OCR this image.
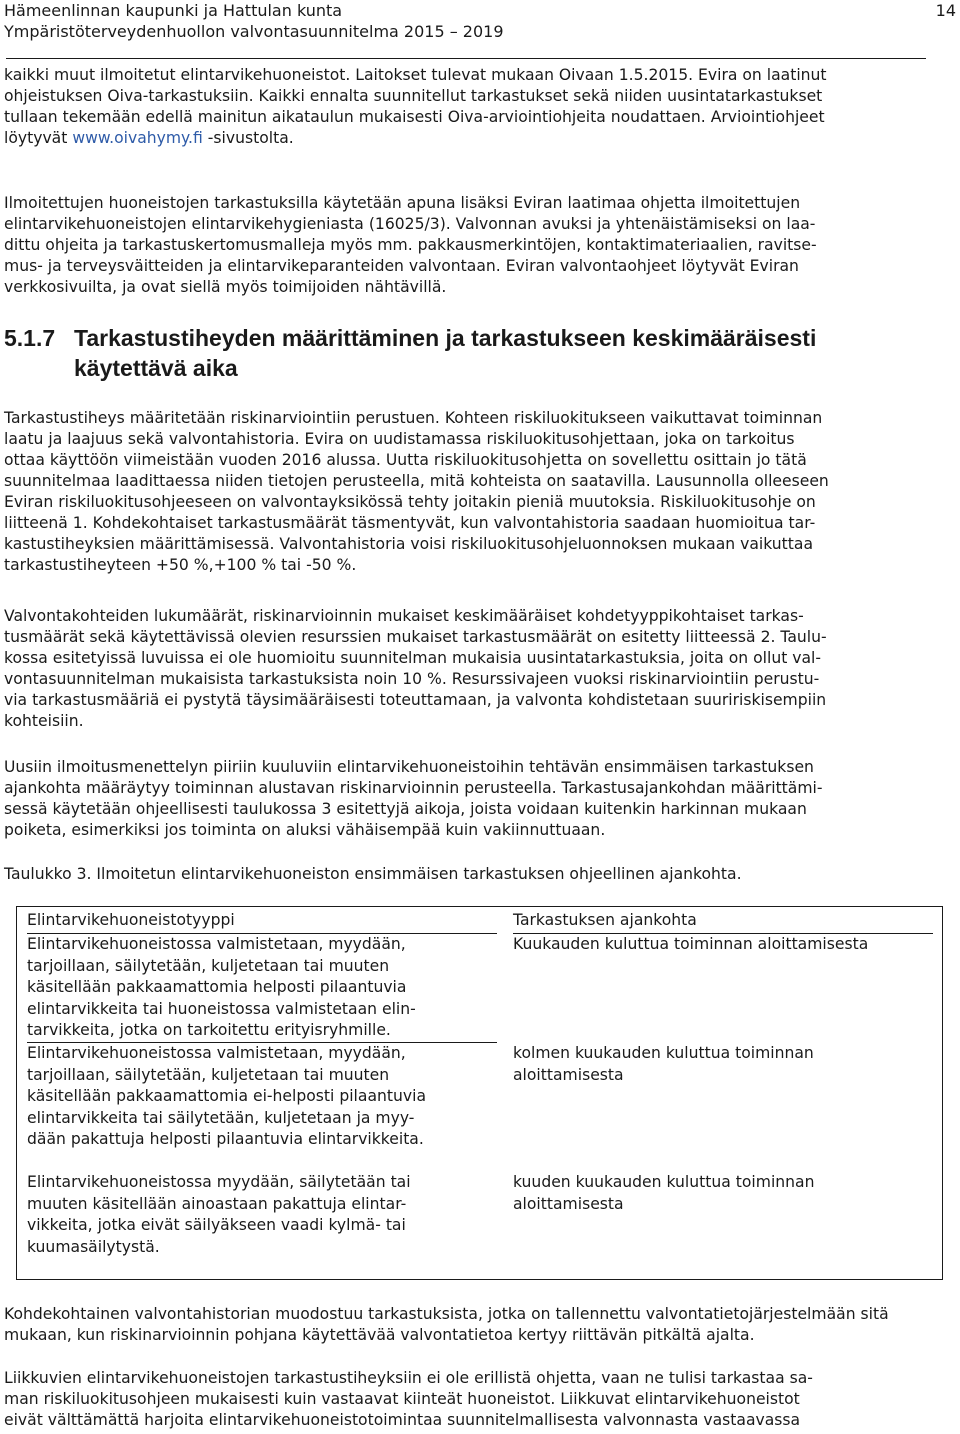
Hämeenlinnan kaupunki ja Hattulan kunta

Ympäristöterveydenhuollon valvontasuunnitelma 2015 – 2019

14

kaikki muut ilmoitetut elintarvikehuoneistot. Laitokset tulevat mukaan Oivaan 1.5.2015. Evira on laatinut

ohjeistuksen Oiva-tarkastuksiin. Kaikki ennalta suunnitellut tarkastukset sekä niiden uusintatarkastukset

tullaan tekemään edellä mainitun aikataulun mukaisesti Oiva-arviointiohjeita noudattaen. Arviointiohjeet

löytyvät www.oivahymy.fi -sivustolta.

Ilmoitettujen huoneistojen tarkastuksilla käytetään apuna lisäksi Eviran laatimaa ohjetta ilmoitettujen

elintarvikehuoneistojen elintarvikehygieniasta (16025/3). Valvonnan avuksi ja yhtenäistämiseksi on laa-

dittu ohjeita ja tarkastuskertomusmalleja myös mm. pakkausmerkintöjen, kontaktimateriaalien, ravitse-

mus- ja terveysväitteiden ja elintarvikeparanteiden valvontaan. Eviran valvontaohjeet löytyvät Eviran

verkkosivuilta, ja ovat siellä myös toimijoiden nähtävillä.

5.1.7 Tarkastustiheyden määrittäminen ja tarkastukseen keskimääräisesti
käytettävä aika

Tarkastustiheys määritetään riskinarviointiin perustuen. Kohteen riskiluokitukseen vaikuttavat toiminnan

laatu ja laajuus sekä valvontahistoria. Evira on uudistamassa riskiluokitusohjettaan, joka on tarkoitus

ottaa käyttöön viimeistään vuoden 2016 alussa. Uutta riskiluokitusohjetta on sovellettu osittain jo tätä

suunnitelmaa laadittaessa niiden tietojen perusteella, mitä kohteista on saatavilla. Lausunnolla olleeseen

Eviran riskiluokitusohjeeseen on valvontayksikössä tehty joitakin pieniä muutoksia. Riskiluokitusohje on

liitteenä 1. Kohdekohtaiset tarkastusmäärät täsmentyvät, kun valvontahistoria saadaan huomioitua tar-

kastustiheyksien määrittämisessä. Valvontahistoria voisi riskiluokitusohjeluonnoksen mukaan vaikuttaa

tarkastustiheyteen +50 %,+100 % tai -50 %.

Valvontakohteiden lukumäärät, riskinarvioinnin mukaiset keskimääräiset kohdetyyppikohtaiset tarkas-

tusmäärät sekä käytettävissä olevien resurssien mukaiset tarkastusmäärät on esitetty liitteessä 2. Taulu-

kossa esitetyissä luvuissa ei ole huomioitu suunnitelman mukaisia uusintatarkastuksia, joita on ollut val-

vontasuunnitelman mukaisista tarkastuksista noin 10 %. Resurssivajeen vuoksi riskinarviointiin perustu-

via tarkastusmääriä ei pystytä täysimääräisesti toteuttamaan, ja valvonta kohdistetaan suuririskisempiin

kohteisiin.

Uusiin ilmoitusmenettelyn piiriin kuuluviin elintarvikehuoneistoihin tehtävän ensimmäisen tarkastuksen

ajankohta määräytyy toiminnan alustavan riskinarvioinnin perusteella. Tarkastusajankohdan määrittämi-

sessä käytetään ohjeellisesti taulukossa 3 esitettyjä aikoja, joista voidaan kuitenkin harkinnan mukaan

poiketa, esimerkiksi jos toiminta on aluksi vähäisempää kuin vakiinnuttuaan.

Taulukko 3. Ilmoitetun elintarvikehuoneiston ensimmäisen tarkastuksen ohjeellinen ajankohta.

Elintarvikehuoneistotyyppi

Elintarvikehuoneistossa valmistetaan, myydään,
tarjoillaan, säilytetään, kuljetetaan tai muuten
käsitellään pakkaamattomia helposti pilaantuvia
elintarvikkeita tai huoneistossa valmistetaan elin-
tarvikkeita, jotka on tarkoitettu erityisryhmille.
Elintarvikehuoneistossa valmistetaan, myydään,
tarjoillaan, säilytetään, kuljetetaan tai muuten
käsitellään pakkaamattomia ei-helposti pilaantuvia
elintarvikkeita tai säilytetään, kuljetetaan ja myy-
dään pakattuja helposti pilaantuvia elintarvikkeita.
Elintarvikehuoneistossa myydään, säilytetään tai
muuten käsitellään ainoastaan pakattuja elintar-
vikkeita, jotka eivät säilyäkseen vaadi kylmä- tai
kuumasäilytystä.

Tarkastuksen ajankohta

Kuukauden kuluttua toiminnan aloittamisesta
kolmen kuukauden kuluttua toiminnan
aloittamisesta
kuuden kuukauden kuluttua toiminnan
aloittamisesta

Kohdekohtainen valvontahistorian muodostuu tarkastuksista, jotka on tallennettu valvontatietojärjestelmään sitä

mukaan, kun riskinarvioinnin pohjana käytettävää valvontatietoa kertyy riittävän pitkältä ajalta.

Liikkuvien elintarvikehuoneistojen tarkastustiheyksiin ei ole erillistä ohjetta, vaan ne tulisi tarkastaa sa-

man riskiluokitusohjeen mukaisesti kuin vastaavat kiinteät huoneistot. Liikkuvat elintarvikehuoneistot

eivät välttämättä harjoita elintarvikehuoneistotoimintaa suunnitelmallisesta valvonnasta vastaavassa
